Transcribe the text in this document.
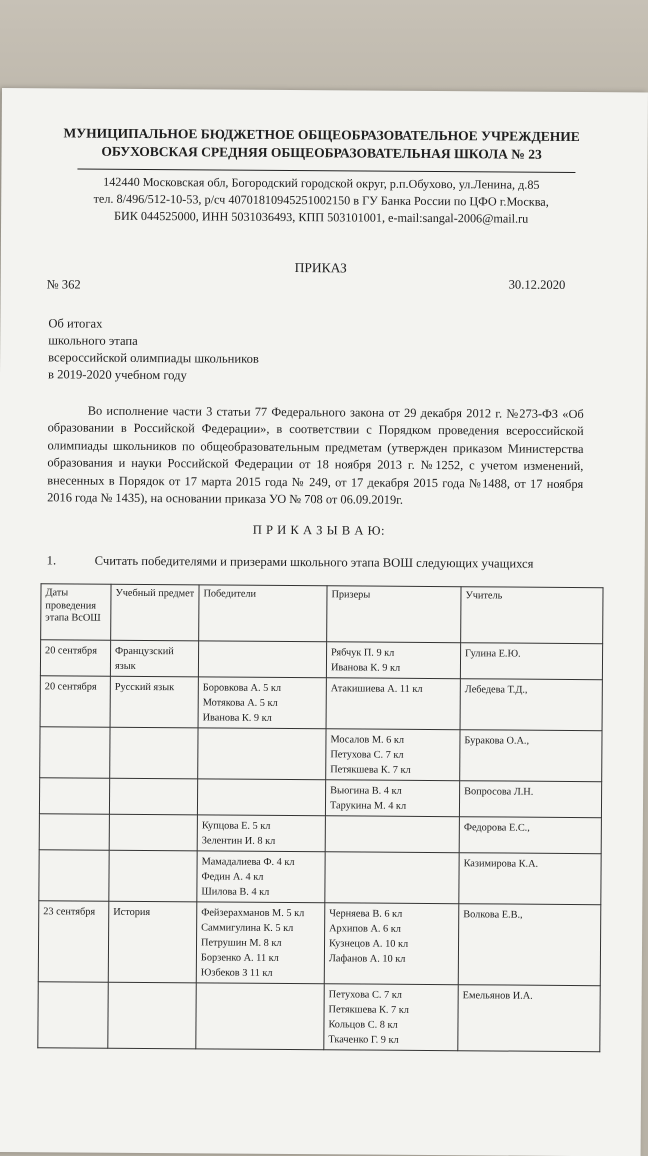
МУНИЦИПАЛЬНОЕ БЮДЖЕТНОЕ ОБЩЕОБРАЗОВАТЕЛЬНОЕ УЧРЕЖДЕНИЕ
ОБУХОВСКАЯ СРЕДНЯЯ ОБЩЕОБРАЗОВАТЕЛЬНАЯ ШКОЛА № 23
142440 Московская обл, Богородский городской округ, р.п.Обухово, ул.Ленина, д.85
тел. 8/496/512-10-53, р/сч 40701810945251002150 в ГУ Банка России по ЦФО г.Москва,
БИК 044525000, ИНН 5031036493, КПП 503101001, e-mail:sangal-2006@mail.ru
ПРИКАЗ
№ 362	30.12.2020
Об итогах
школьного этапа
всероссийской олимпиады школьников
в 2019-2020 учебном году
Во исполнение части 3 статьи 77 Федерального закона от 29 декабря 2012 г. №273-ФЗ «Об образовании в Российской Федерации», в соответствии с Порядком проведения всероссийской олимпиады школьников по общеобразовательным предметам (утвержден приказом Министерства образования и науки Российской Федерации от 18 ноября 2013 г. №1252, с учетом изменений, внесенных в Порядок от 17 марта 2015 года № 249, от 17 декабря 2015 года №1488, от 17 ноября 2016 года № 1435), на основании приказа УО № 708 от 06.09.2019г.
П Р И К А З Ы В А Ю:
1.	Считать победителями и призерами школьного этапа ВОШ следующих учащихся
Даты проведения этапа ВсОШ	Учебный предмет	Победители	Призеры	Учитель
20 сентября	Французский язык		Рябчук П. 9 кл
Иванова К. 9 кл	Гулина Е.Ю.
20 сентября	Русский язык	Боровкова А. 5 кл
Мотякова А. 5 кл
Иванова К. 9 кл	Атакишиева А. 11 кл	Лебедева Т.Д.,
			Мосалов М. 6 кл
Петухова С. 7 кл
Петякшева К. 7 кл	Буракова О.А.,
			Вьюгина В. 4 кл
Тарукина М. 4 кл	Вопросова Л.Н.
		Купцова Е. 5 кл
Зелентин И. 8 кл		Федорова Е.С.,
		Мамадалиева Ф. 4 кл
Федин А. 4 кл
Шилова В. 4 кл		Казимирова К.А.
23 сентября	История	Фейзерахманов М. 5 кл
Саммигулина К. 5 кл
Петрушин М. 8 кл
Борзенко А. 11 кл
Юзбеков З 11 кл	Черняева В. 6 кл
Архипов А. 6 кл
Кузнецов А. 10 кл
Лафанов А. 10 кл	Волкова Е.В.,
			Петухова С. 7 кл
Петякшева К. 7 кл
Кольцов С. 8 кл
Ткаченко Г. 9 кл	Емельянов И.А.
